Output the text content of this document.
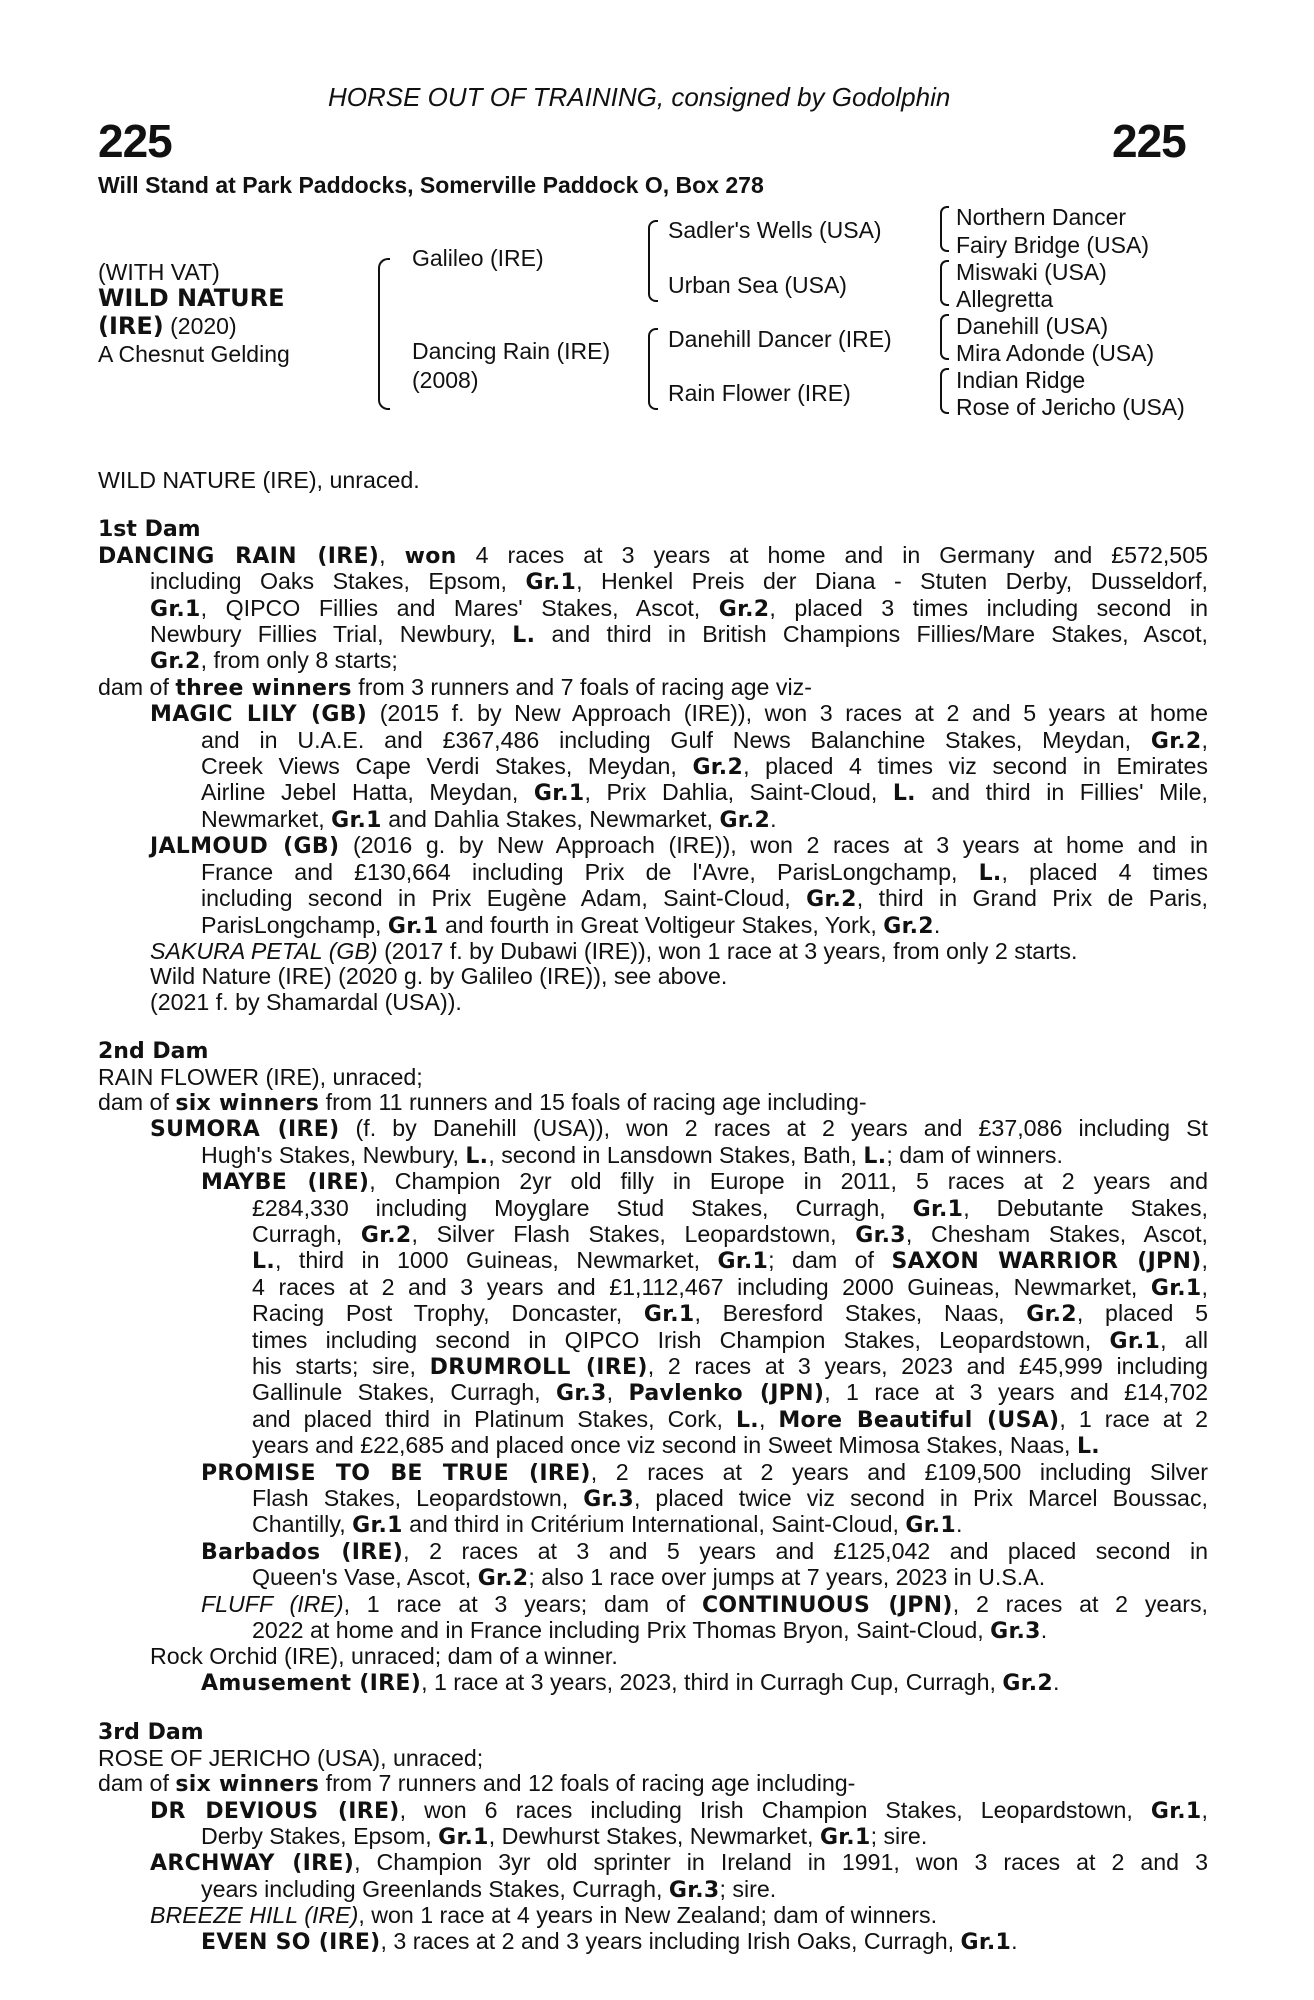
HORSE OUT OF TRAINING, consigned by Godolphin
225	225
Will Stand at Park Paddocks, Somerville Paddock O, Box 278
(WITH VAT)
WILD NATURE
(IRE) (2020)
A Chesnut Gelding
Galileo (IRE)
Dancing Rain (IRE)
(2008)
Sadler's Wells (USA)
Urban Sea (USA)
Danehill Dancer (IRE)
Rain Flower (IRE)
Northern Dancer
Fairy Bridge (USA)
Miswaki (USA)
Allegretta
Danehill (USA)
Mira Adonde (USA)
Indian Ridge
Rose of Jericho (USA)
WILD NATURE (IRE), unraced.
1st Dam
DANCING RAIN (IRE), won 4 races at 3 years at home and in Germany and £572,505
including Oaks Stakes, Epsom, Gr.1, Henkel Preis der Diana - Stuten Derby, Dusseldorf,
Gr.1, QIPCO Fillies and Mares' Stakes, Ascot, Gr.2, placed 3 times including second in
Newbury Fillies Trial, Newbury, L. and third in British Champions Fillies/Mare Stakes, Ascot,
Gr.2, from only 8 starts;
dam of three winners from 3 runners and 7 foals of racing age viz-
MAGIC LILY (GB) (2015 f. by New Approach (IRE)), won 3 races at 2 and 5 years at home
and in U.A.E. and £367,486 including Gulf News Balanchine Stakes, Meydan, Gr.2,
Creek Views Cape Verdi Stakes, Meydan, Gr.2, placed 4 times viz second in Emirates
Airline Jebel Hatta, Meydan, Gr.1, Prix Dahlia, Saint-Cloud, L. and third in Fillies' Mile,
Newmarket, Gr.1 and Dahlia Stakes, Newmarket, Gr.2.
JALMOUD (GB) (2016 g. by New Approach (IRE)), won 2 races at 3 years at home and in
France and £130,664 including Prix de l'Avre, ParisLongchamp, L., placed 4 times
including second in Prix Eugène Adam, Saint-Cloud, Gr.2, third in Grand Prix de Paris,
ParisLongchamp, Gr.1 and fourth in Great Voltigeur Stakes, York, Gr.2.
SAKURA PETAL (GB) (2017 f. by Dubawi (IRE)), won 1 race at 3 years, from only 2 starts.
Wild Nature (IRE) (2020 g. by Galileo (IRE)), see above.
(2021 f. by Shamardal (USA)).
2nd Dam
RAIN FLOWER (IRE), unraced;
dam of six winners from 11 runners and 15 foals of racing age including-
SUMORA (IRE) (f. by Danehill (USA)), won 2 races at 2 years and £37,086 including St
Hugh's Stakes, Newbury, L., second in Lansdown Stakes, Bath, L.; dam of winners.
MAYBE (IRE), Champion 2yr old filly in Europe in 2011, 5 races at 2 years and
£284,330 including Moyglare Stud Stakes, Curragh, Gr.1, Debutante Stakes,
Curragh, Gr.2, Silver Flash Stakes, Leopardstown, Gr.3, Chesham Stakes, Ascot,
L., third in 1000 Guineas, Newmarket, Gr.1; dam of SAXON WARRIOR (JPN),
4 races at 2 and 3 years and £1,112,467 including 2000 Guineas, Newmarket, Gr.1,
Racing Post Trophy, Doncaster, Gr.1, Beresford Stakes, Naas, Gr.2, placed 5
times including second in QIPCO Irish Champion Stakes, Leopardstown, Gr.1, all
his starts; sire, DRUMROLL (IRE), 2 races at 3 years, 2023 and £45,999 including
Gallinule Stakes, Curragh, Gr.3, Pavlenko (JPN), 1 race at 3 years and £14,702
and placed third in Platinum Stakes, Cork, L., More Beautiful (USA), 1 race at 2
years and £22,685 and placed once viz second in Sweet Mimosa Stakes, Naas, L.
PROMISE TO BE TRUE (IRE), 2 races at 2 years and £109,500 including Silver
Flash Stakes, Leopardstown, Gr.3, placed twice viz second in Prix Marcel Boussac,
Chantilly, Gr.1 and third in Critérium International, Saint-Cloud, Gr.1.
Barbados (IRE), 2 races at 3 and 5 years and £125,042 and placed second in
Queen's Vase, Ascot, Gr.2; also 1 race over jumps at 7 years, 2023 in U.S.A.
FLUFF (IRE), 1 race at 3 years; dam of CONTINUOUS (JPN), 2 races at 2 years,
2022 at home and in France including Prix Thomas Bryon, Saint-Cloud, Gr.3.
Rock Orchid (IRE), unraced; dam of a winner.
Amusement (IRE), 1 race at 3 years, 2023, third in Curragh Cup, Curragh, Gr.2.
3rd Dam
ROSE OF JERICHO (USA), unraced;
dam of six winners from 7 runners and 12 foals of racing age including-
DR DEVIOUS (IRE), won 6 races including Irish Champion Stakes, Leopardstown, Gr.1,
Derby Stakes, Epsom, Gr.1, Dewhurst Stakes, Newmarket, Gr.1; sire.
ARCHWAY (IRE), Champion 3yr old sprinter in Ireland in 1991, won 3 races at 2 and 3
years including Greenlands Stakes, Curragh, Gr.3; sire.
BREEZE HILL (IRE), won 1 race at 4 years in New Zealand; dam of winners.
EVEN SO (IRE), 3 races at 2 and 3 years including Irish Oaks, Curragh, Gr.1.
